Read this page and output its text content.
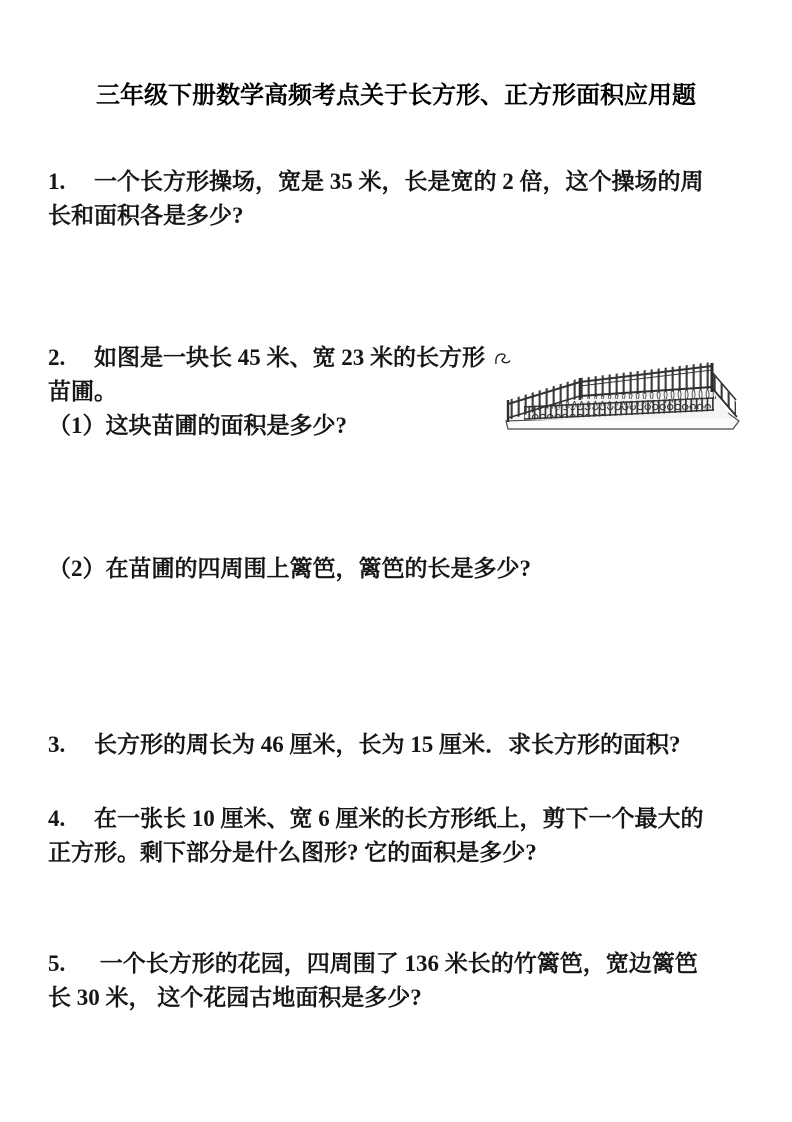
三年级下册数学高频考点关于长方形、正方形面积应用题
1.　 一个长方形操场，宽是 35 米，长是宽的 2 倍，这个操场的周
长和面积各是多少?
2.　 如图是一块长 45 米、宽 23 米的长方形
苗圃。
（1）这块苗圃的面积是多少?
（2）在苗圃的四周围上篱笆，篱笆的长是多少?
3.　 长方形的周长为 46 厘米，长为 15 厘米．求长方形的面积?
4.　 在一张长 10 厘米、宽 6 厘米的长方形纸上，剪下一个最大的
正方形。剩下部分是什么图形? 它的面积是多少?
5.　  一个长方形的花园，四周围了 136 米长的竹篱笆，宽边篱笆
长 30 米， 这个花园古地面积是多少?
